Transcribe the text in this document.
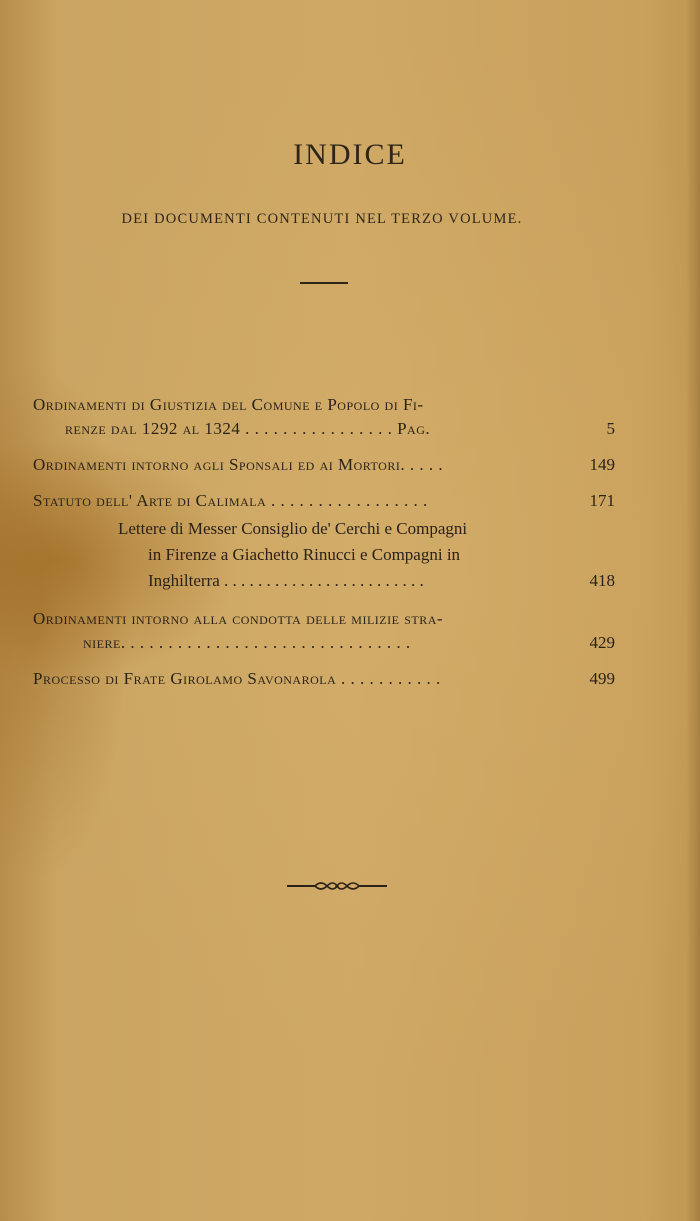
INDICE
DEI DOCUMENTI CONTENUTI NEL TERZO VOLUME.
Ordinamenti di Giustizia del Comune e Popolo di Fi-
renze dal 1292 al 1324 . . . . . . . . . . . . . . . . Pag.	5
Ordinamenti intorno agli Sponsali ed ai Mortori. . . . .	149
Statuto dell' Arte di Calimala . . . . . . . . . . . . . . . . .	171
Lettere di Messer Consiglio de' Cerchi e Compagni
in Firenze a Giachetto Rinucci e Compagni in
Inghilterra . . . . . . . . . . . . . . . . . . . . . . . .	418
Ordinamenti intorno alla condotta delle milizie stra-
niere. . . . . . . . . . . . . . . . . . . . . . . . . . . . . . .	429
Processo di Frate Girolamo Savonarola . . . . . . . . . . .	499
